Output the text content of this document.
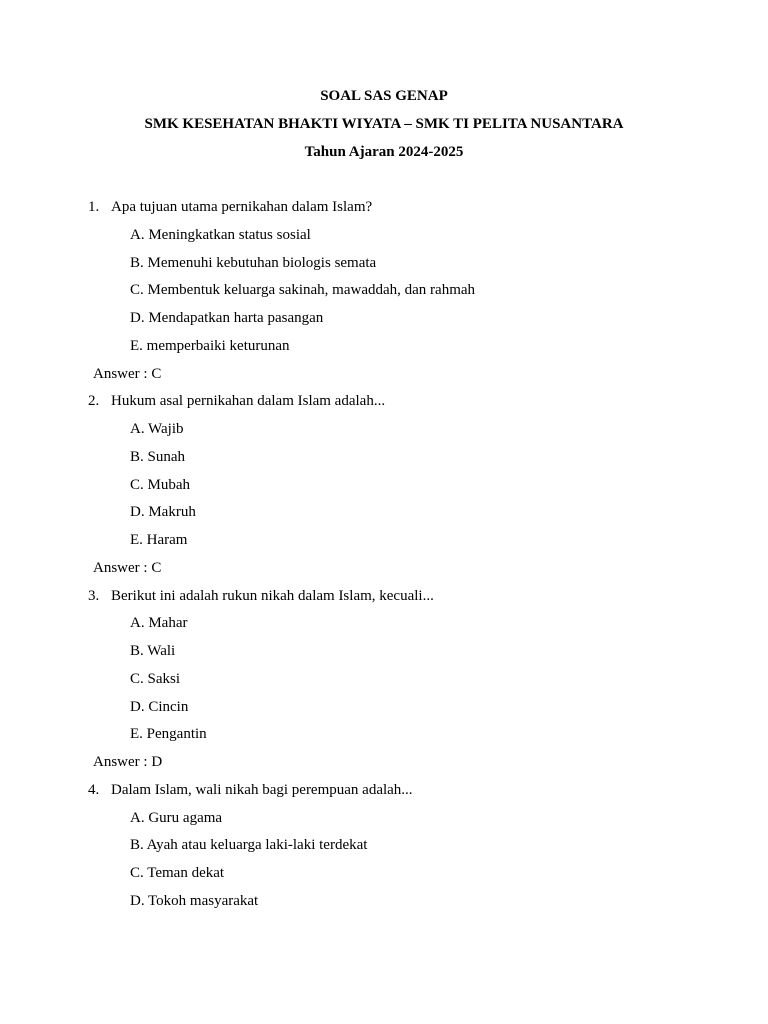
SOAL SAS GENAP
SMK KESEHATAN BHAKTI WIYATA – SMK TI PELITA NUSANTARA
Tahun Ajaran 2024-2025
1. Apa tujuan utama pernikahan dalam Islam?
A. Meningkatkan status sosial
B. Memenuhi kebutuhan biologis semata
C. Membentuk keluarga sakinah, mawaddah, dan rahmah
D. Mendapatkan harta pasangan
E. memperbaiki keturunan
Answer : C
2. Hukum asal pernikahan dalam Islam adalah...
A. Wajib
B. Sunah
C. Mubah
D. Makruh
E. Haram
Answer : C
3. Berikut ini adalah rukun nikah dalam Islam, kecuali...
A. Mahar
B. Wali
C. Saksi
D. Cincin
E. Pengantin
Answer : D
4. Dalam Islam, wali nikah bagi perempuan adalah...
A. Guru agama
B. Ayah atau keluarga laki-laki terdekat
C. Teman dekat
D. Tokoh masyarakat
